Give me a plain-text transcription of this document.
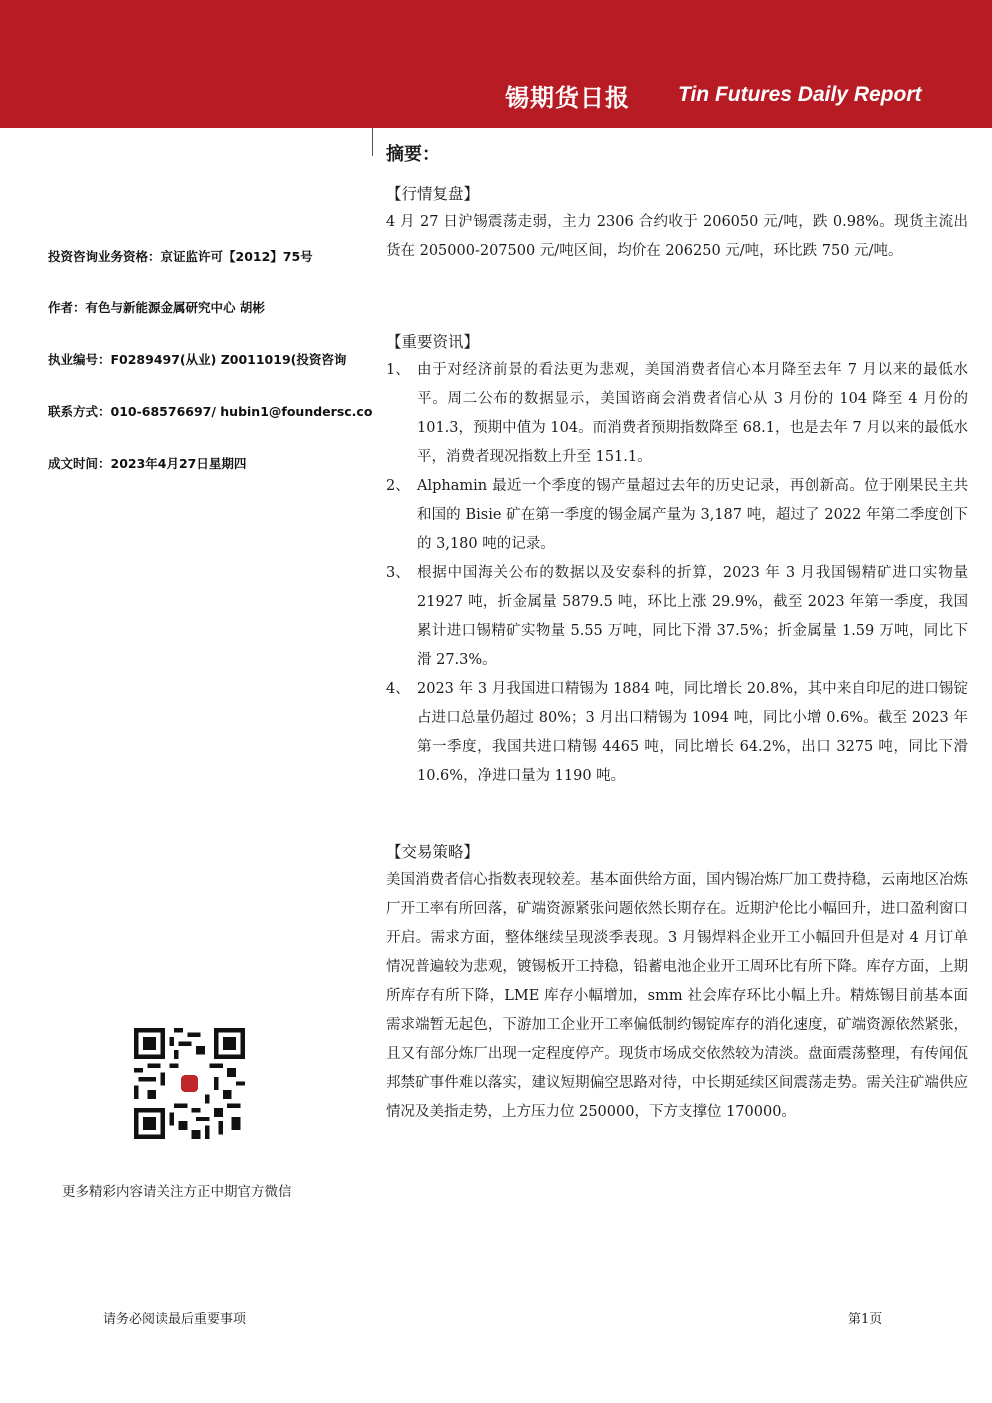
锡期货日报 Tin Futures Daily Report
投资咨询业务资格：京证监许可【2012】75号
作者：有色与新能源金属研究中心 胡彬
执业编号：F0289497(从业) Z0011019(投资咨询
联系方式：010-68576697/ hubin1@foundersc.co
成文时间：2023年4月27日星期四
更多精彩内容请关注方正中期官方微信
摘要：
【行情复盘】

4 月 27 日沪锡震荡走弱，主力 2306 合约收于 206050 元/吨，跌 0.98%。现货主流出货在 205000-207500 元/吨区间，均价在 206250 元/吨，环比跌 750 元/吨。

【重要资讯】
1、 由于对经济前景的看法更为悲观，美国消费者信心本月降至去年 7 月以来的最低水平。周二公布的数据显示，美国谘商会消费者信心从 3 月份的 104 降至 4 月份的 101.3，预期中值为 104。而消费者预期指数降至 68.1，也是去年 7 月以来的最低水平，消费者现况指数上升至 151.1。
2、 Alphamin 最近一个季度的锡产量超过去年的历史记录，再创新高。位于刚果民主共和国的 Bisie 矿在第一季度的锡金属产量为 3,187 吨，超过了 2022 年第二季度创下的 3,180 吨的记录。
3、 根据中国海关公布的数据以及安泰科的折算，2023 年 3 月我国锡精矿进口实物量 21927 吨，折金属量 5879.5 吨，环比上涨 29.9%，截至 2023 年第一季度，我国累计进口锡精矿实物量 5.55 万吨，同比下滑 37.5%；折金属量 1.59 万吨，同比下滑 27.3%。
4、 2023 年 3 月我国进口精锡为 1884 吨，同比增长 20.8%，其中来自印尼的进口锡锭占进口总量仍超过 80%；3 月出口精锡为 1094 吨，同比小增 0.6%。截至 2023 年第一季度，我国共进口精锡 4465 吨，同比增长 64.2%，出口 3275 吨，同比下滑 10.6%，净进口量为 1190 吨。
【交易策略】

美国消费者信心指数表现较差。基本面供给方面，国内锡冶炼厂加工费持稳，云南地区冶炼厂开工率有所回落，矿端资源紧张问题依然长期存在。近期沪伦比小幅回升，进口盈利窗口开启。需求方面，整体继续呈现淡季表现。3 月锡焊料企业开工小幅回升但是对 4 月订单情况普遍较为悲观，镀锡板开工持稳，铅蓄电池企业开工周环比有所下降。库存方面，上期所库存有所下降，LME 库存小幅增加，smm 社会库存环比小幅上升。精炼锡目前基本面需求端暂无起色，下游加工企业开工率偏低制约锡锭库存的消化速度，矿端资源依然紧张，且又有部分炼厂出现一定程度停产。现货市场成交依然较为清淡。盘面震荡整理，有传闻佤邦禁矿事件难以落实，建议短期偏空思路对待，中长期延续区间震荡走势。需关注矿端供应情况及美指走势，上方压力位 250000，下方支撑位 170000。

请务必阅读最后重要事项	第1页
